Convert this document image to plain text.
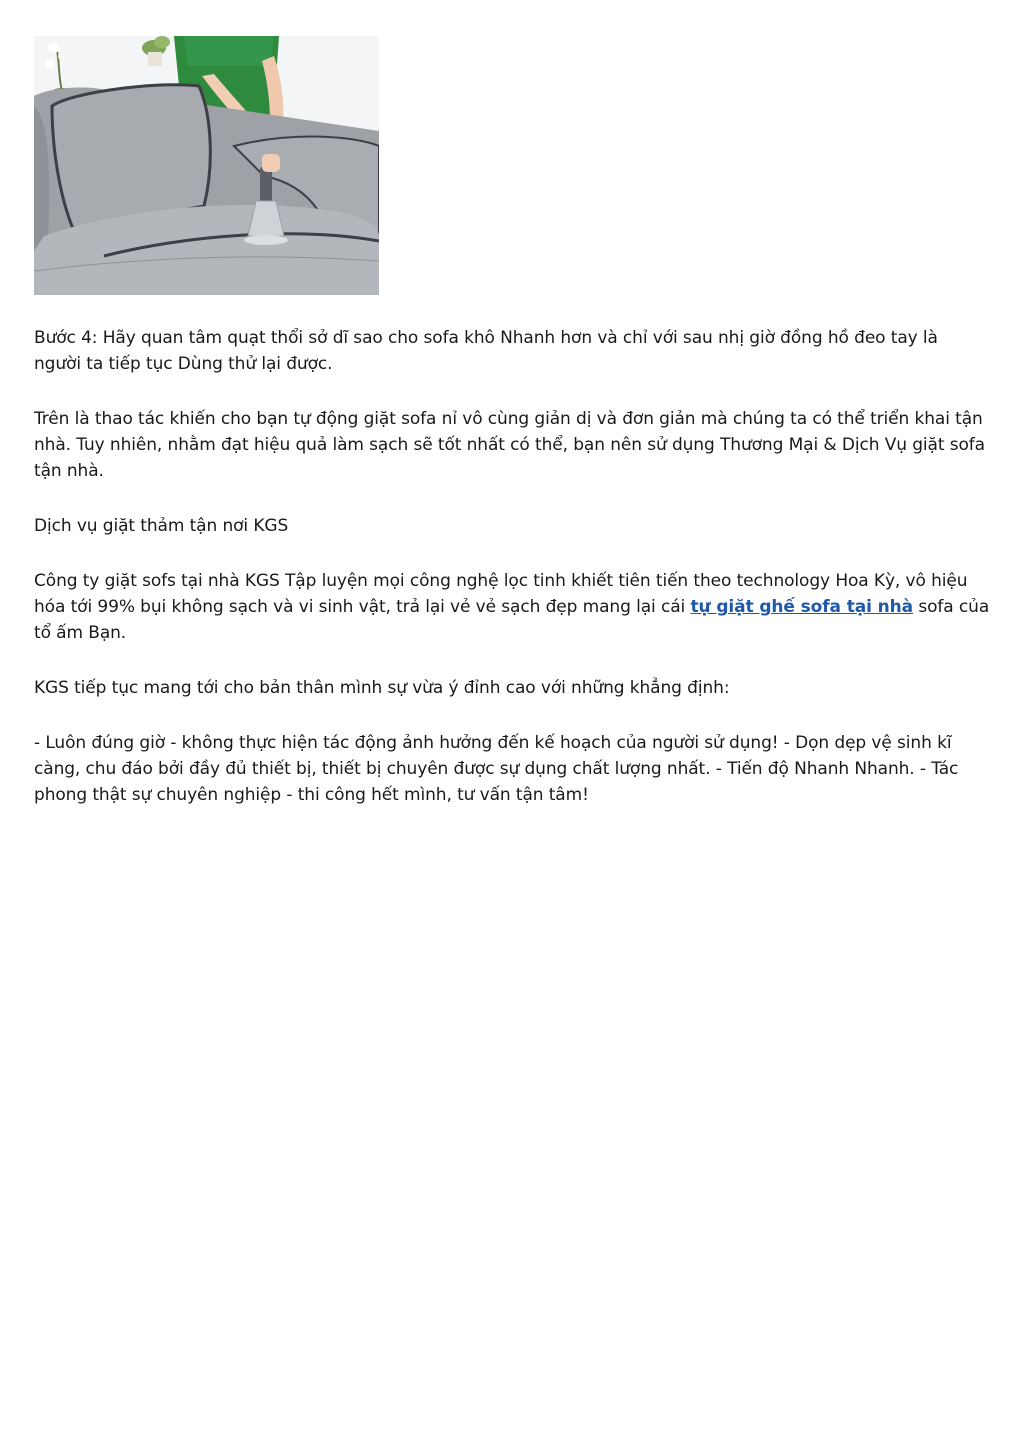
Bước 4: Hãy quan tâm quạt thổi sở dĩ sao cho sofa khô Nhanh hơn và chỉ với sau nhị giờ đồng hồ đeo tay là người ta tiếp tục Dùng thử lại được.

Trên là thao tác khiến cho bạn tự động giặt sofa nỉ vô cùng giản dị và đơn giản mà chúng ta có thể triển khai tận nhà. Tuy nhiên, nhằm đạt hiệu quả làm sạch sẽ tốt nhất có thể, bạn nên sử dụng Thương Mại & Dịch Vụ giặt sofa tận nhà.

Dịch vụ giặt thảm tận nơi KGS

Công ty giặt sofs tại nhà KGS Tập luyện mọi công nghệ lọc tinh khiết tiên tiến theo technology Hoa Kỳ, vô hiệu hóa tới 99% bụi không sạch và vi sinh vật, trả lại vẻ vẻ sạch đẹp mang lại cái tự giặt ghế sofa tại nhà sofa của tổ ấm Bạn.

KGS tiếp tục mang tới cho bản thân mình sự vừa ý đỉnh cao với những khẳng định:

- Luôn đúng giờ - không thực hiện tác động ảnh hưởng đến kế hoạch của người sử dụng! - Dọn dẹp vệ sinh kĩ càng, chu đáo bởi đầy đủ thiết bị, thiết bị chuyên được sự dụng chất lượng nhất. - Tiến độ Nhanh Nhanh. - Tác phong thật sự chuyên nghiệp - thi công hết mình, tư vấn tận tâm!
